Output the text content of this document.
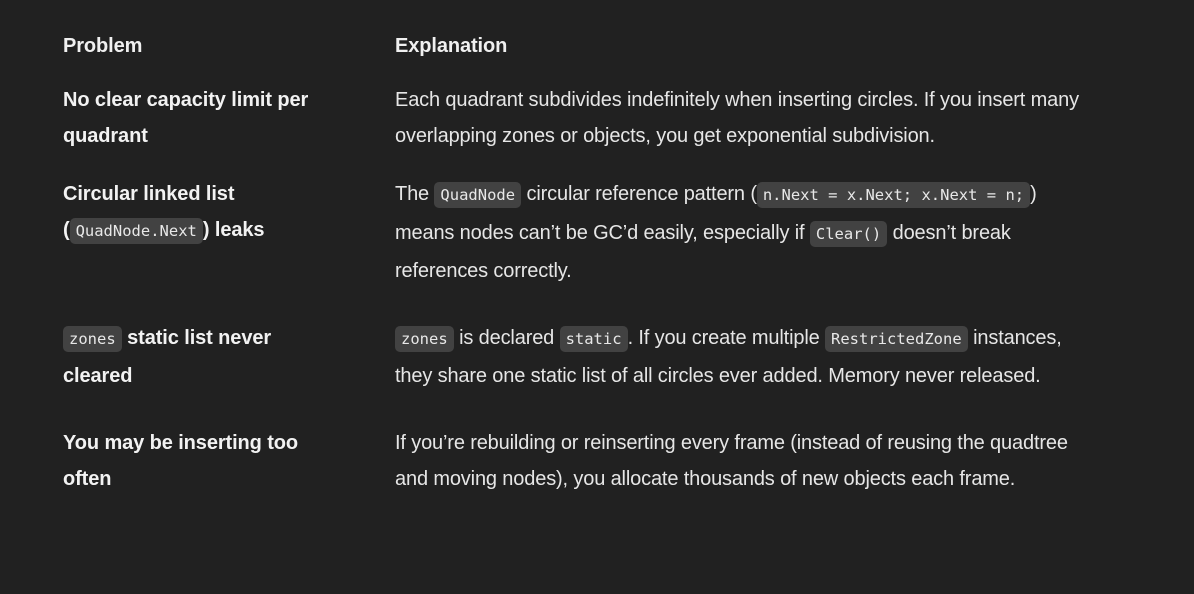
Problem	Explanation
No clear capacity limit per quadrant
Each quadrant subdivides indefinitely when inserting circles. If you insert many overlapping zones or objects, you get exponential subdivision.
Circular linked list
( QuadNode.Next ) leaks
The QuadNode circular reference pattern ( n.Next = x.Next; x.Next = n; ) means nodes can’t be GC’d easily, especially if Clear() doesn’t break references correctly.
zones static list never cleared
zones is declared static . If you create multiple RestrictedZone instances, they share one static list of all circles ever added. Memory never released.
You may be inserting too often
If you’re rebuilding or reinserting every frame (instead of reusing the quadtree and moving nodes), you allocate thousands of new objects each frame.
